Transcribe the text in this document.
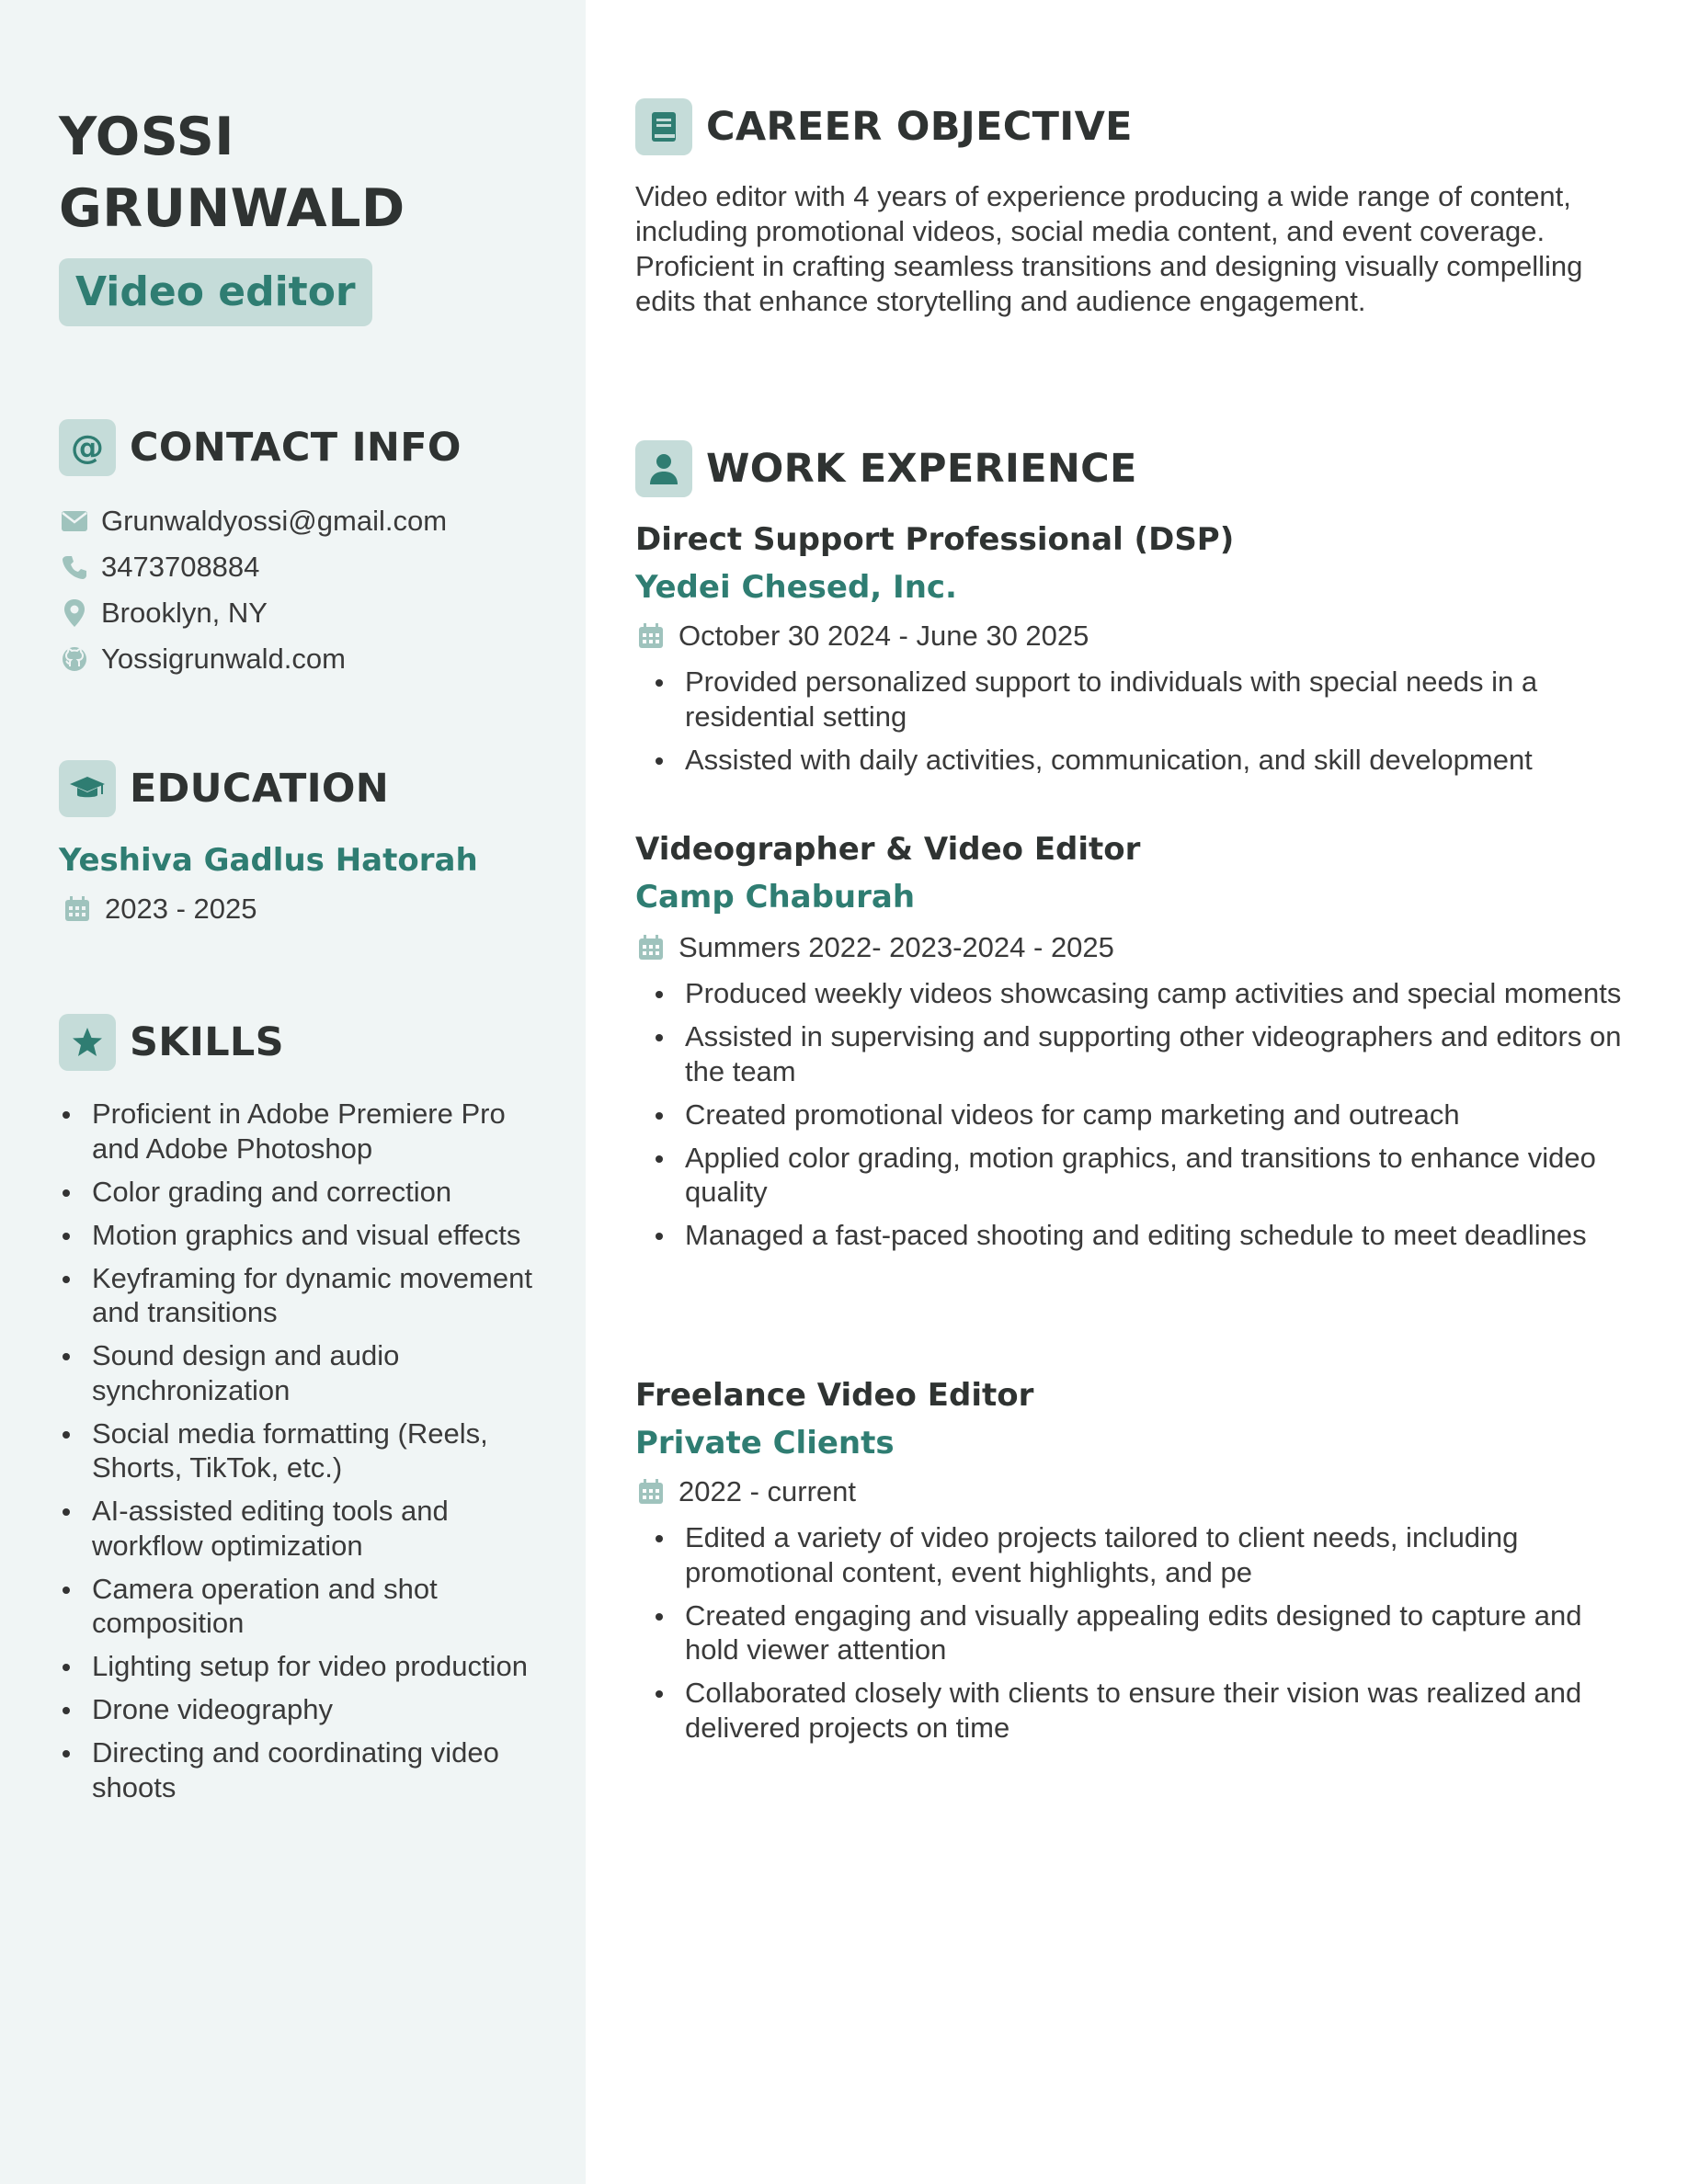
YOSSI
GRUNWALD
Video editor
@ CONTACT INFO
Grunwaldyossi@gmail.com
3473708884
Brooklyn, NY
Yossigrunwald.com
EDUCATION
Yeshiva Gadlus Hatorah
2023 - 2025
SKILLS
Proficient in Adobe Premiere Pro and Adobe Photoshop
Color grading and correction
Motion graphics and visual effects
Keyframing for dynamic movement and transitions
Sound design and audio synchronization
Social media formatting (Reels, Shorts, TikTok, etc.)
AI-assisted editing tools and workflow optimization
Camera operation and shot composition
Lighting setup for video production
Drone videography
Directing and coordinating video shoots
CAREER OBJECTIVE

Video editor with 4 years of experience producing a wide range of content, including promotional videos, social media content, and event coverage. Proficient in crafting seamless transitions and designing visually compelling edits that enhance storytelling and audience engagement.

WORK EXPERIENCE
Direct Support Professional (DSP)
Yedei Chesed, Inc.
October 30 2024 - June 30 2025
Provided personalized support to individuals with special needs in a residential setting
Assisted with daily activities, communication, and skill development
Videographer & Video Editor
Camp Chaburah
Summers 2022- 2023-2024 - 2025
Produced weekly videos showcasing camp activities and special moments
Assisted in supervising and supporting other videographers and editors on the team
Created promotional videos for camp marketing and outreach
Applied color grading, motion graphics, and transitions to enhance video quality
Managed a fast-paced shooting and editing schedule to meet deadlines
Freelance Video Editor
Private Clients
2022 - current
Edited a variety of video projects tailored to client needs, including promotional content, event highlights, and pe
Created engaging and visually appealing edits designed to capture and hold viewer attention
Collaborated closely with clients to ensure their vision was realized and delivered projects on time
